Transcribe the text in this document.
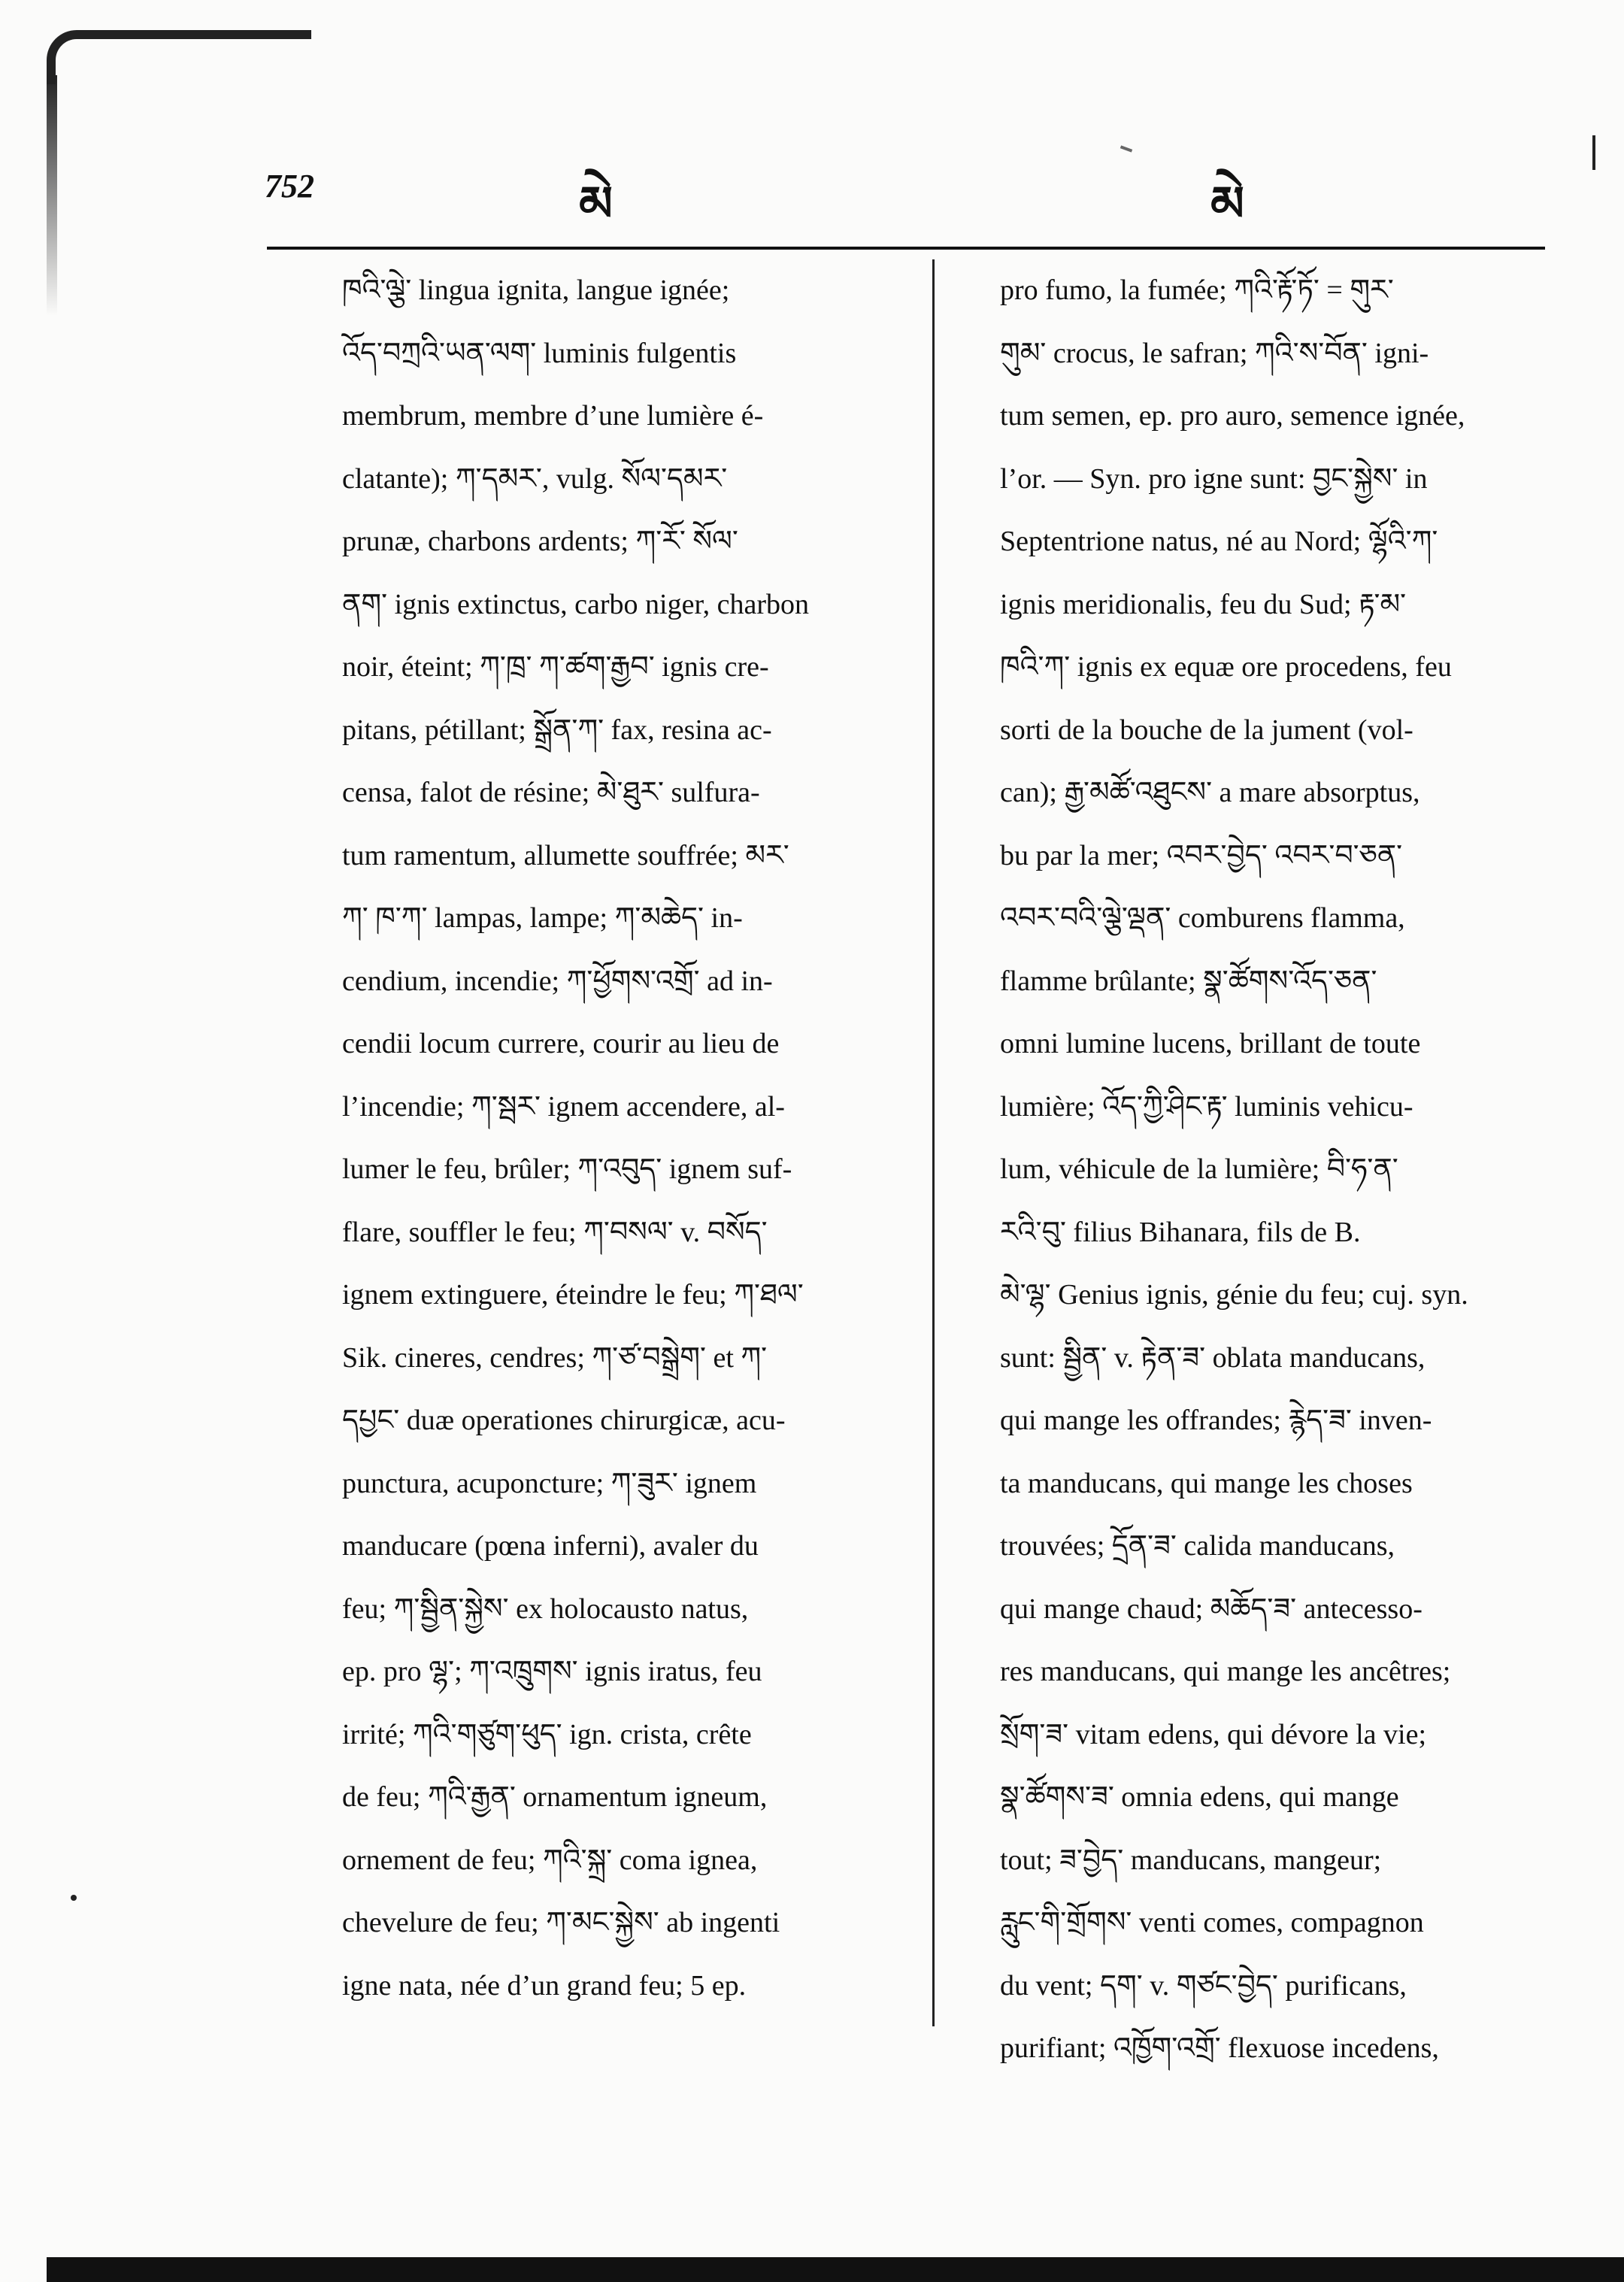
752	མེ	མེ
ཁའི་ལྕེ་ lingua ignita, langue ignée;
འོད་བཀྲའི་ཡན་ལག་ luminis fulgentis
membrum, membre d’une lumière é-
clatante); ཀ་དམར་, vulg. སོལ་དམར་
prunæ, charbons ardents; ཀ་རོ་ སོལ་
ནག་ ignis extinctus, carbo niger, charbon
noir, éteint; ཀ་ཁྲ་ ཀ་ཚག་རྒྱབ་ ignis cre-
pitans, pétillant; སྒྲོན་ཀ་ fax, resina ac-
censa, falot de résine; མེ་ཐུར་ sulfura-
tum ramentum, allumette souffrée; མར་
ཀ་ ཁ་ཀ་ lampas, lampe; ཀ་མཆེད་ in-
cendium, incendie; ཀ་ཕྱོགས་འགྲོ་ ad in-
cendii locum currere, courir au lieu de
l’incendie; ཀ་སྦར་ ignem accendere, al-
lumer le feu, brûler; ཀ་འབུད་ ignem suf-
flare, souffler le feu; ཀ་བསལ་ v. བསོད་
ignem extinguere, éteindre le feu; ཀ་ཐལ་
Sik. cineres, cendres; ཀ་ཙ་བསྒྲེག་ et ཀ་
དཔྱང་ duæ operationes chirurgicæ, acu-
punctura, acuponcture; ཀ་ཟུར་ ignem
manducare (pœna inferni), avaler du
feu; ཀ་སྦྱིན་སྐྱེས་ ex holocausto natus,
ep. pro ལྷ་; ཀ་འཁྲུགས་ ignis iratus, feu
irrité; ཀའི་གཙུག་ཕུད་ ign. crista, crête
de feu; ཀའི་རྒྱན་ ornamentum igneum,
ornement de feu; ཀའི་སྐྲ་ coma ignea,
chevelure de feu; ཀ་མང་སྐྱེས་ ab ingenti
igne nata, née d’un grand feu; 5 ep.
pro fumo, la fumée; ཀའི་རྟོ་ཏོ་ = གུར་
གུམ་ crocus, le safran; ཀའི་ས་བོན་ igni-
tum semen, ep. pro auro, semence ignée,
l’or. — Syn. pro igne sunt: བྱང་སྐྱེས་ in
Septentrione natus, né au Nord; ལྷོའི་ཀ་
ignis meridionalis, feu du Sud; རྟ་མ་
ཁའི་ཀ་ ignis ex equæ ore procedens, feu
sorti de la bouche de la jument (vol-
can); རྒྱ་མཚོ་འཐུངས་ a mare absorptus,
bu par la mer; འབར་བྱེད་ འབར་བ་ཅན་
འབར་བའི་ལྕེ་ལྡན་ comburens flamma,
flamme brûlante; སྣ་ཚོགས་འོད་ཅན་
omni lumine lucens, brillant de toute
lumière; འོད་ཀྱི་ཤིང་རྟ་ luminis vehicu-
lum, véhicule de la lumière; བི་ཧ་ན་
རའི་བུ་ filius Bihanara, fils de B.
མེ་ལྷ་ Genius ignis, génie du feu; cuj. syn.
sunt: སྦྱིན་ v. རྟེན་ཟ་ oblata manducans,
qui mange les offrandes; རྙེད་ཟ་ inven-
ta manducans, qui mange les choses
trouvées; དྲོན་ཟ་ calida manducans,
qui mange chaud; མཆོད་ཟ་ antecesso-
res manducans, qui mange les ancêtres;
སྲོག་ཟ་ vitam edens, qui dévore la vie;
སྣ་ཚོགས་ཟ་ omnia edens, qui mange
tout; ཟ་བྱེད་ manducans, mangeur;
རླུང་གི་གྲོགས་ venti comes, compagnon
du vent; དག་ v. གཙང་བྱེད་ purificans,
purifiant; འཁྱོག་འགྲོ་ flexuose incedens,
